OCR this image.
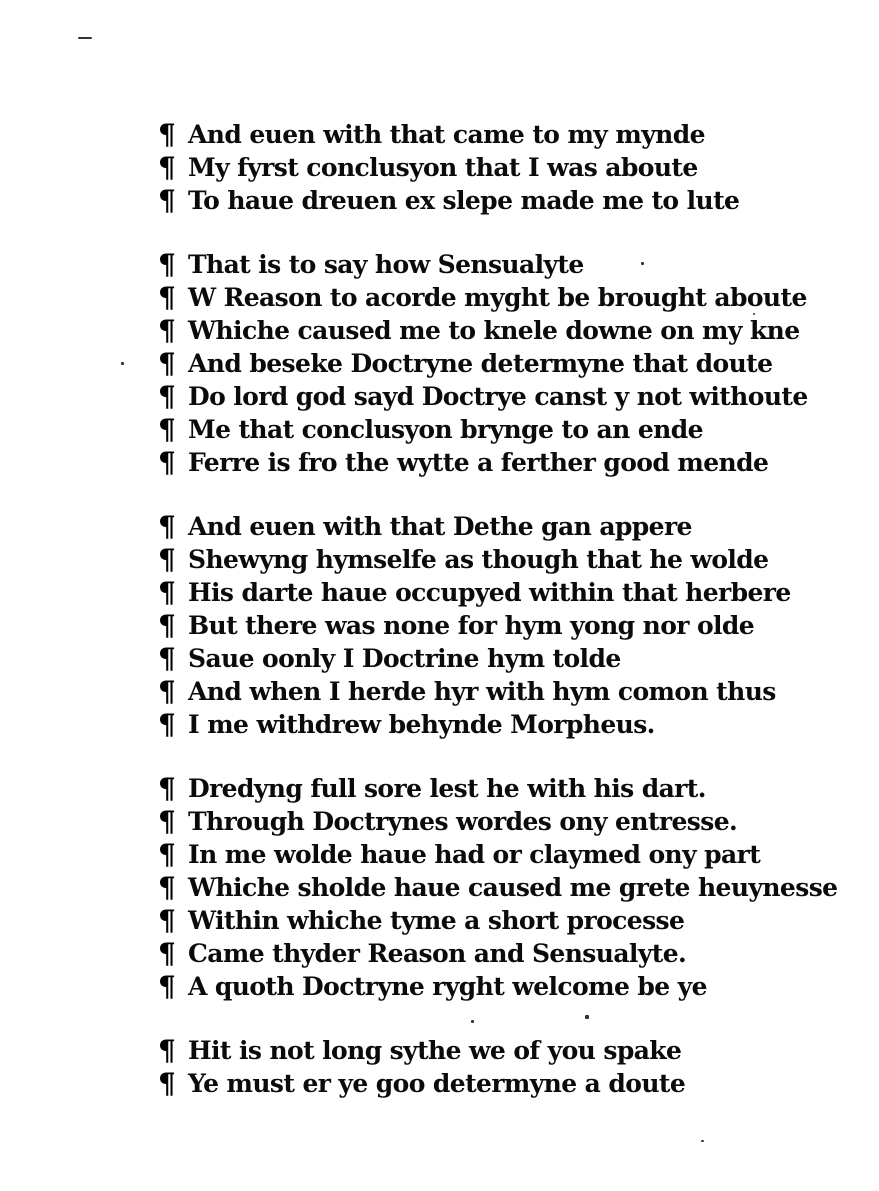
¶ And euen with that came to my mynde
¶ My fyrst conclusyon that I was aboute
¶ To haue dreuen ex slepe made me to lute
¶ That is to say how Sensualyte
¶ W Reason to acorde myght be brought aboute
¶ Whiche caused me to knele downe on my kne
¶ And beseke Doctryne determyne that doute
¶ Do lord god sayd Doctrye canst y not withoute
¶ Me that conclusyon brynge to an ende
¶ Ferre is fro the wytte a ferther good mende
¶ And euen with that Dethe gan appere
¶ Shewyng hymselfe as though that he wolde
¶ His darte haue occupyed within that herbere
¶ But there was none for hym yong nor olde
¶ Saue oonly I Doctrine hym tolde
¶ And when I herde hyr with hym comon thus
¶ I me withdrew behynde Morpheus.
¶ Dredyng full sore lest he with his dart.
¶ Through Doctrynes wordes ony entresse.
¶ In me wolde haue had or claymed ony part
¶ Whiche sholde haue caused me grete heuynesse
¶ Within whiche tyme a short processe
¶ Came thyder Reason and Sensualyte.
¶ A quoth Doctryne ryght welcome be ye
¶ Hit is not long sythe we of you spake
¶ Ye must er ye goo determyne a doute
